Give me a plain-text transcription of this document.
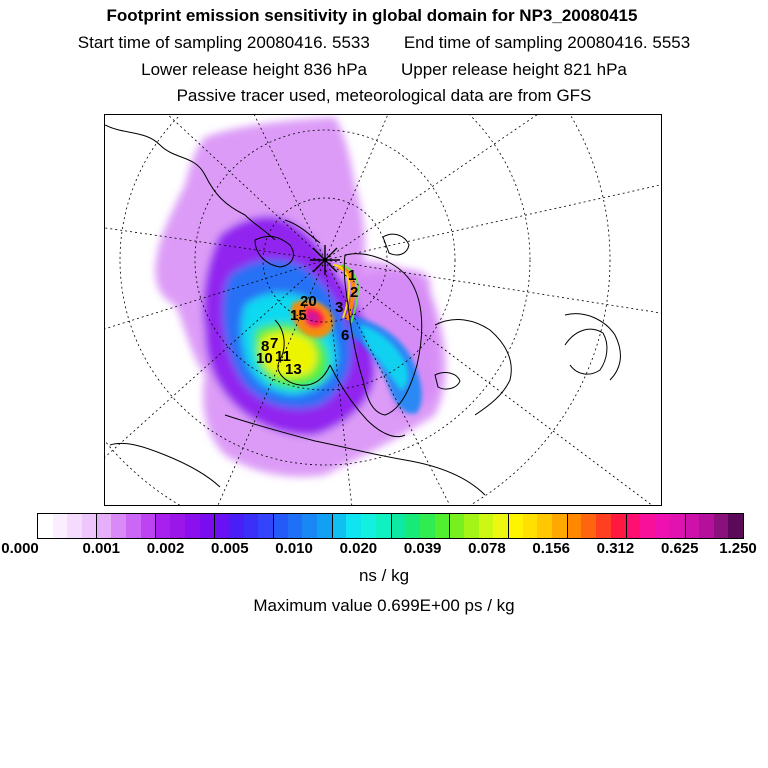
Footprint emission sensitivity in global domain for NP3_20080415
Start time of sampling 20080416. 5533 End time of sampling 20080416. 5553
Lower release height 836 hPa Upper release height 821 hPa
Passive tracer used, meteorological data are from GFS
1
2
3
20
15
7
8
10 11
13
6
0.000	0.001 0.002 0.005 0.010 0.020 0.039 0.078 0.156 0.312 0.625 1.250
ns / kg
Maximum value 0.699E+00 ps / kg
